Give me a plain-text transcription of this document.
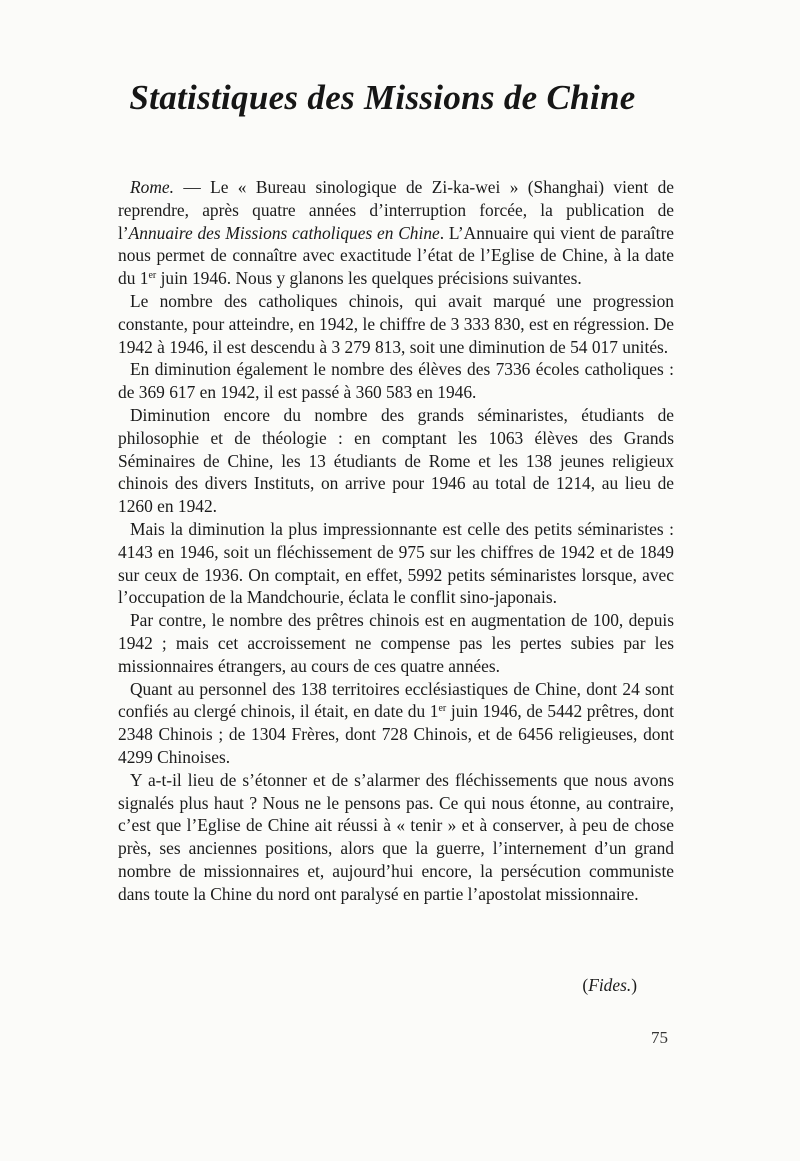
Statistiques des Missions de Chine

Rome. — Le « Bureau sinologique de Zi-ka-wei » (Shanghai) vient de reprendre, après quatre années d’interruption forcée, la publication de l’Annuaire des Missions catholiques en Chine. L’Annuaire qui vient de paraître nous permet de connaître avec exactitude l’état de l’Eglise de Chine, à la date du 1er juin 1946. Nous y glanons les quelques précisions suivantes.

Le nombre des catholiques chinois, qui avait marqué une progression constante, pour atteindre, en 1942, le chiffre de 3 333 830, est en régression. De 1942 à 1946, il est descendu à 3 279 813, soit une diminution de 54 017 unités.

En diminution également le nombre des élèves des 7336 écoles catholiques : de 369 617 en 1942, il est passé à 360 583 en 1946.

Diminution encore du nombre des grands séminaristes, étudiants de philosophie et de théologie : en comptant les 1063 élèves des Grands Séminaires de Chine, les 13 étudiants de Rome et les 138 jeunes religieux chinois des divers Instituts, on arrive pour 1946 au total de 1214, au lieu de 1260 en 1942.

Mais la diminution la plus impressionnante est celle des petits séminaristes : 4143 en 1946, soit un fléchissement de 975 sur les chiffres de 1942 et de 1849 sur ceux de 1936. On comptait, en effet, 5992 petits séminaristes lorsque, avec l’occupation de la Mandchourie, éclata le conflit sino-japonais.

Par contre, le nombre des prêtres chinois est en augmentation de 100, depuis 1942 ; mais cet accroissement ne compense pas les pertes subies par les missionnaires étrangers, au cours de ces quatre années.

Quant au personnel des 138 territoires ecclésiastiques de Chine, dont 24 sont confiés au clergé chinois, il était, en date du 1er juin 1946, de 5442 prêtres, dont 2348 Chinois ; de 1304 Frères, dont 728 Chinois, et de 6456 religieuses, dont 4299 Chinoises.

Y a-t-il lieu de s’étonner et de s’alarmer des fléchissements que nous avons signalés plus haut ? Nous ne le pensons pas. Ce qui nous étonne, au contraire, c’est que l’Eglise de Chine ait réussi à « tenir » et à conserver, à peu de chose près, ses anciennes positions, alors que la guerre, l’internement d’un grand nombre de missionnaires et, aujourd’hui encore, la persécution communiste dans toute la Chine du nord ont paralysé en partie l’apostolat missionnaire.

(Fides.)
75
